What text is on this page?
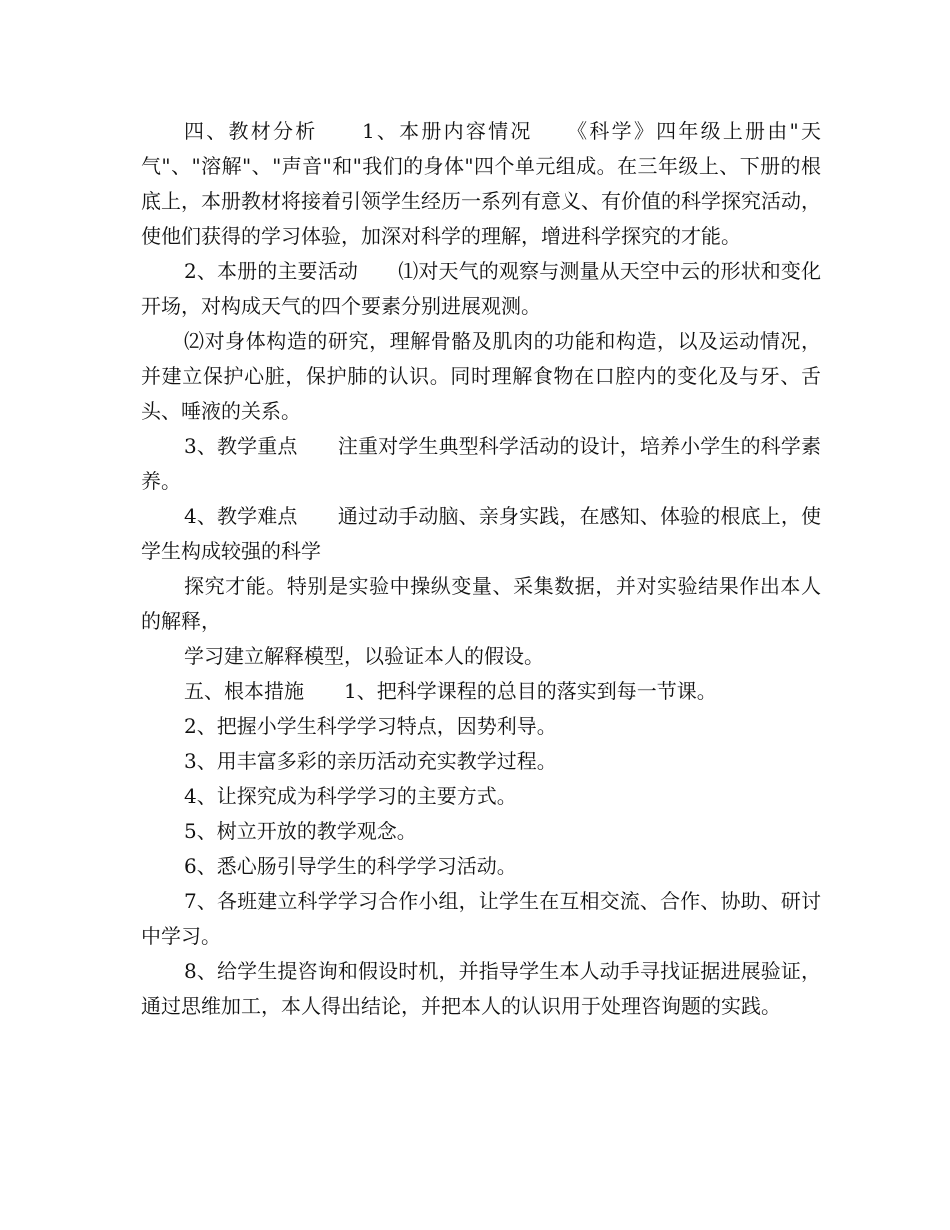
四、教材分析　　1、本册内容情况　　《科学》四年级上册由"天气"、"溶解"、"声音"和"我们的身体"四个单元组成。在三年级上、下册的根底上，本册教材将接着引领学生经历一系列有意义、有价值的科学探究活动，使他们获得的学习体验，加深对科学的理解，增进科学探究的才能。

2、本册的主要活动　　⑴对天气的观察与测量从天空中云的形状和变化开场，对构成天气的四个要素分别进展观测。

⑵对身体构造的研究，理解骨骼及肌肉的功能和构造，以及运动情况，并建立保护心脏，保护肺的认识。同时理解食物在口腔内的变化及与牙、舌头、唾液的关系。

3、教学重点　　注重对学生典型科学活动的设计，培养小学生的科学素养。

4、教学难点　　通过动手动脑、亲身实践，在感知、体验的根底上，使学生构成较强的科学

探究才能。特别是实验中操纵变量、采集数据，并对实验结果作出本人的解释，

学习建立解释模型，以验证本人的假设。

五、根本措施　　1、把科学课程的总目的落实到每一节课。

2、把握小学生科学学习特点，因势利导。

3、用丰富多彩的亲历活动充实教学过程。

4、让探究成为科学学习的主要方式。

5、树立开放的教学观念。

6、悉心肠引导学生的科学学习活动。

7、各班建立科学学习合作小组，让学生在互相交流、合作、协助、研讨中学习。

8、给学生提咨询和假设时机，并指导学生本人动手寻找证据进展验证，通过思维加工，本人得出结论，并把本人的认识用于处理咨询题的实践。
